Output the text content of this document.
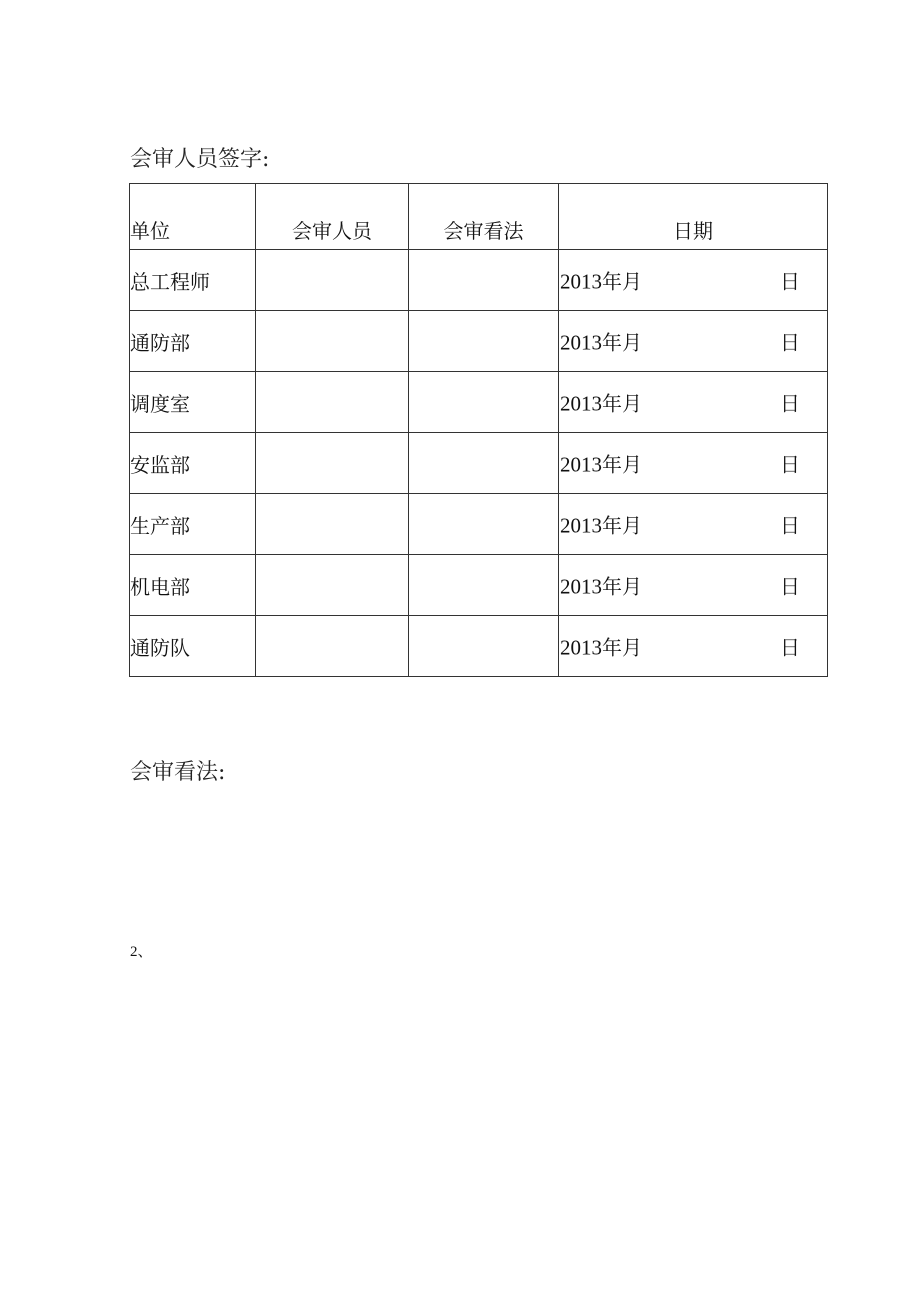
会审人员签字:
单位	会审人员	会审看法	日期
总工程师			2013年月 日

通防部			2013年月 日

调度室			2013年月 日

安监部			2013年月 日

生产部			2013年月 日

机电部			2013年月 日

通防队			2013年月 日
会审看法:
2、
